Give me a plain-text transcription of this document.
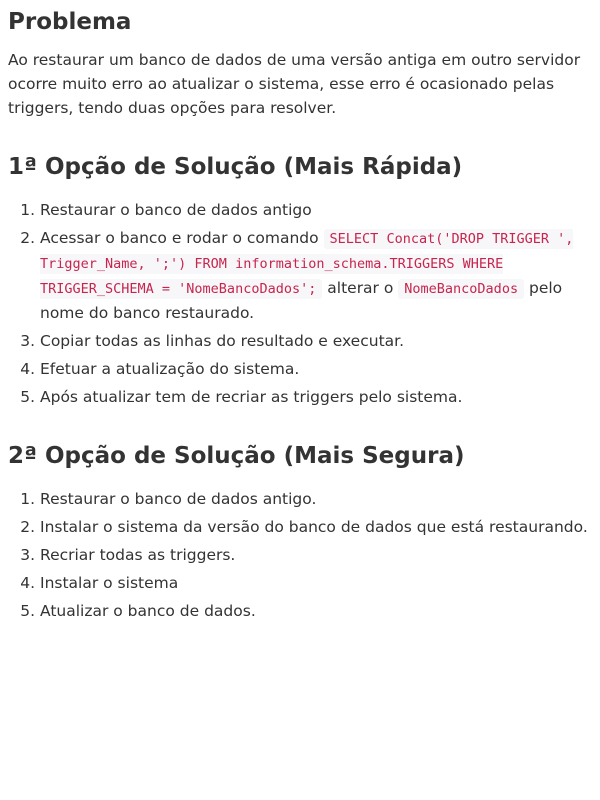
Problema

Ao restaurar um banco de dados de uma versão antiga em outro servidor ocorre muito erro ao atualizar o sistema, esse erro é ocasionado pelas triggers, tendo duas opções para resolver.

1ª Opção de Solução (Mais Rápida)
1. Restaurar o banco de dados antigo
2. Acessar o banco e rodar o comando SELECT Concat('DROP TRIGGER ', Trigger_Name, ';') FROM information_schema.TRIGGERS WHERE TRIGGER_SCHEMA = 'NomeBancoDados'; alterar o NomeBancoDados pelo nome do banco restaurado.
3. Copiar todas as linhas do resultado e executar.
4. Efetuar a atualização do sistema.
5. Após atualizar tem de recriar as triggers pelo sistema.
2ª Opção de Solução (Mais Segura)
1. Restaurar o banco de dados antigo.
2. Instalar o sistema da versão do banco de dados que está restaurando.
3. Recriar todas as triggers.
4. Instalar o sistema
5. Atualizar o banco de dados.
